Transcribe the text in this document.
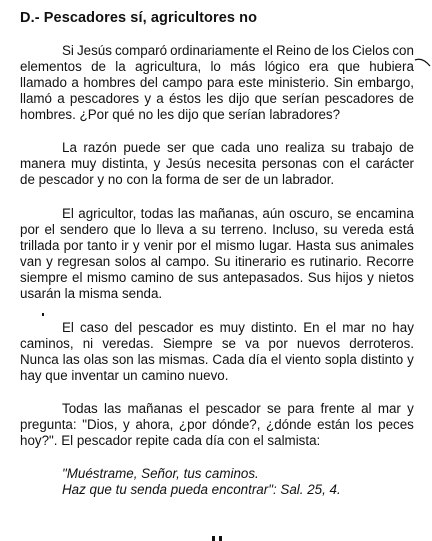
D.- Pescadores sí, agricultores no
Si Jesús comparó ordinariamente el Reino de los Cielos con
elementos de la agricultura, lo más lógico era que hubiera
llamado a hombres del campo para este ministerio. Sin embargo,
llamó a pescadores y a éstos les dijo que serían pescadores de
hombres. ¿Por qué no les dijo que serían labradores?
La razón puede ser que cada uno realiza su trabajo de
manera muy distinta, y Jesús necesita personas con el carácter
de pescador y no con la forma de ser de un labrador.
El agricultor, todas las mañanas, aún oscuro, se encamina
por el sendero que lo lleva a su terreno. Incluso, su vereda está
trillada por tanto ir y venir por el mismo lugar. Hasta sus animales
van y regresan solos al campo. Su itinerario es rutinario. Recorre
siempre el mismo camino de sus antepasados. Sus hijos y nietos
usarán la misma senda.
El caso del pescador es muy distinto. En el mar no hay
caminos, ni veredas. Siempre se va por nuevos derroteros.
Nunca las olas son las mismas. Cada día el viento sopla distinto y
hay que inventar un camino nuevo.
Todas las mañanas el pescador se para frente al mar y
pregunta: "Dios, y ahora, ¿por dónde?, ¿dónde están los peces
hoy?". El pescador repite cada día con el salmista:
"Muéstrame, Señor, tus caminos.
Haz que tu senda pueda encontrar": Sal. 25, 4.
